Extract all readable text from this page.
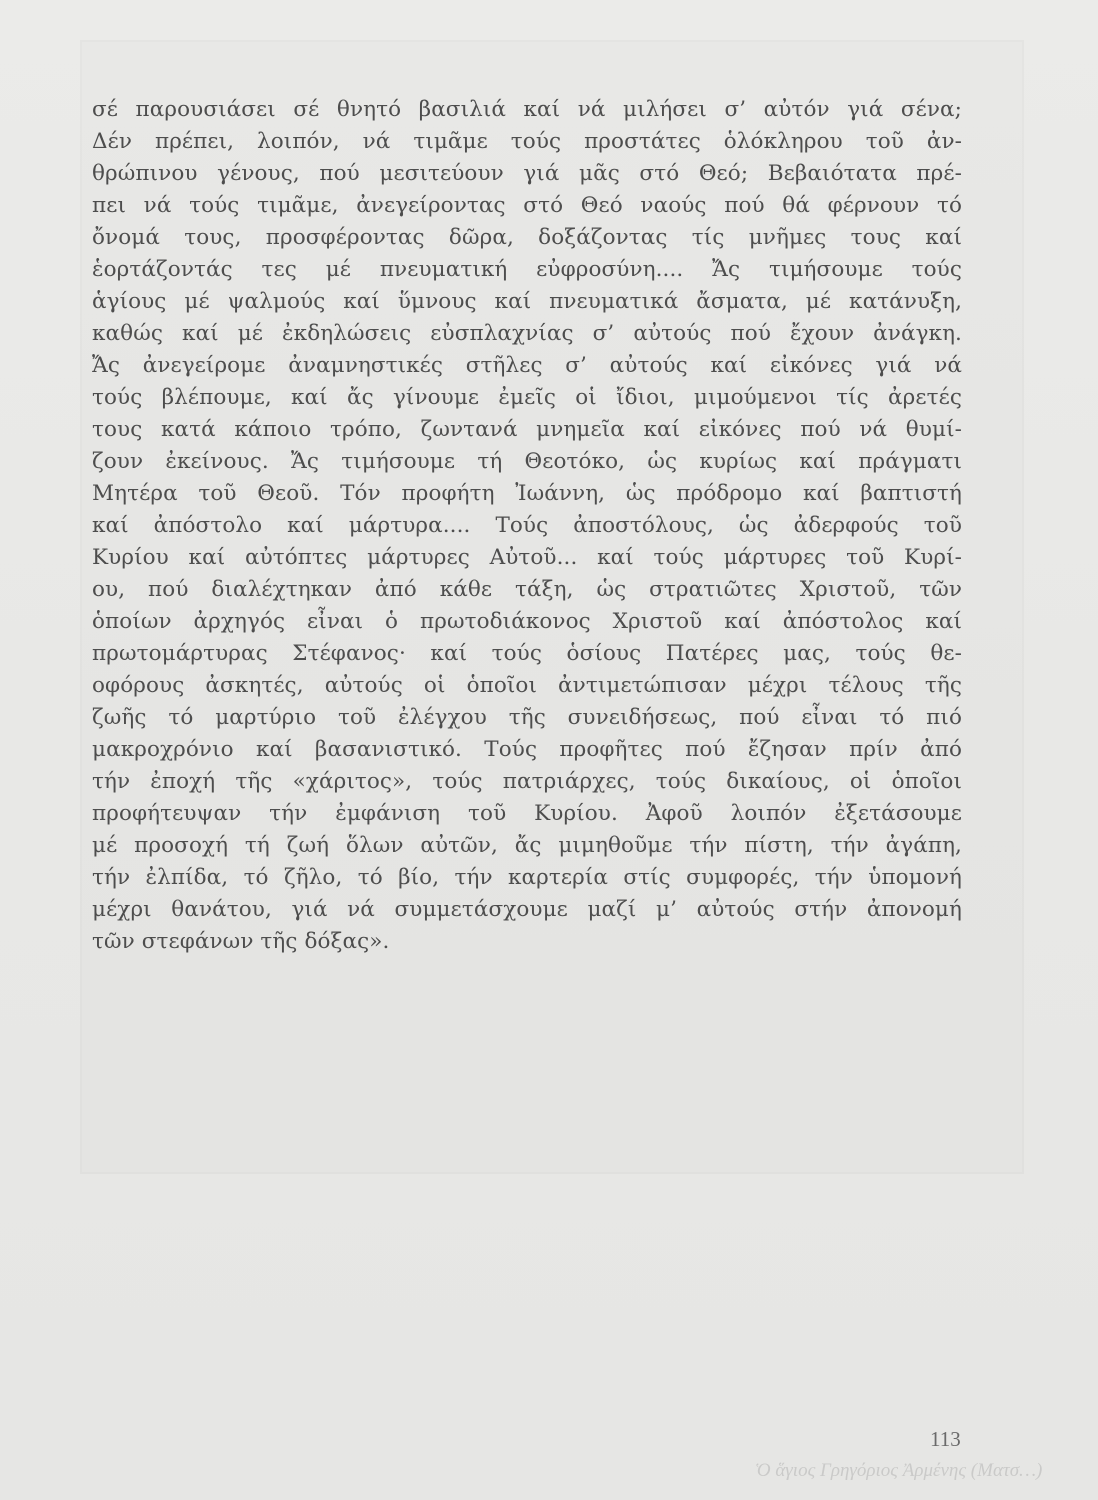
σέ παρουσιάσει σέ θνητό βασιλιά καί νά μιλήσει σ’ αὐτόν γιά σένα;
Δέν πρέπει, λοιπόν, νά τιμᾶμε τούς προστάτες ὁλόκληρου τοῦ ἀν-
θρώπινου γένους, πού μεσιτεύουν γιά μᾶς στό Θεό; Βεβαιότατα πρέ-
πει νά τούς τιμᾶμε, ἀνεγείροντας στό Θεό ναούς πού θά φέρνουν τό
ὄνομά τους, προσφέροντας δῶρα, δοξάζοντας τίς μνῆμες τους καί
ἑορτάζοντάς τες μέ πνευματική εὐφροσύνη.... Ἄς τιμήσουμε τούς
ἁγίους μέ ψαλμούς καί ὕμνους καί πνευματικά ἄσματα, μέ κατάνυξη,
καθώς καί μέ ἐκδηλώσεις εὐσπλαχνίας σ’ αὐτούς πού ἔχουν ἀνάγκη.
Ἄς ἀνεγείρομε ἀναμνηστικές στῆλες σ’ αὐτούς καί εἰκόνες γιά νά
τούς βλέπουμε, καί ἄς γίνουμε ἐμεῖς οἱ ἴδιοι, μιμούμενοι τίς ἀρετές
τους κατά κάποιο τρόπο, ζωντανά μνημεῖα καί εἰκόνες πού νά θυμί-
ζουν ἐκείνους. Ἄς τιμήσουμε τή Θεοτόκο, ὡς κυρίως καί πράγματι
Μητέρα τοῦ Θεοῦ. Τόν προφήτη Ἰωάννη, ὡς πρόδρομο καί βαπτιστή
καί ἀπόστολο καί μάρτυρα.... Τούς ἀποστόλους, ὡς ἀδερφούς τοῦ
Κυρίου καί αὐτόπτες μάρτυρες Αὐτοῦ... καί τούς μάρτυρες τοῦ Κυρί-
ου, πού διαλέχτηκαν ἀπό κάθε τάξη, ὡς στρατιῶτες Χριστοῦ, τῶν
ὁποίων ἀρχηγός εἶναι ὁ πρωτοδιάκονος Χριστοῦ καί ἀπόστολος καί
πρωτομάρτυρας Στέφανος· καί τούς ὁσίους Πατέρες μας, τούς θε-
οφόρους ἀσκητές, αὐτούς οἱ ὁποῖοι ἀντιμετώπισαν μέχρι τέλους τῆς
ζωῆς τό μαρτύριο τοῦ ἐλέγχου τῆς συνειδήσεως, πού εἶναι τό πιό
μακροχρόνιο καί βασανιστικό. Τούς προφῆτες πού ἔζησαν πρίν ἀπό
τήν ἐποχή τῆς «χάριτος», τούς πατριάρχες, τούς δικαίους, οἱ ὁποῖοι
προφήτευψαν τήν ἐμφάνιση τοῦ Κυρίου. Ἀφοῦ λοιπόν ἐξετάσουμε
μέ προσοχή τή ζωή ὅλων αὐτῶν, ἄς μιμηθοῦμε τήν πίστη, τήν ἀγάπη,
τήν ἐλπίδα, τό ζῆλο, τό βίο, τήν καρτερία στίς συμφορές, τήν ὑπομονή
μέχρι θανάτου, γιά νά συμμετάσχουμε μαζί μ’ αὐτούς στήν ἀπονομή
τῶν στεφάνων τῆς δόξας».
113
Ὁ ἅγιος Γρηγόριος Ἀρμένης (Ματσ…)
